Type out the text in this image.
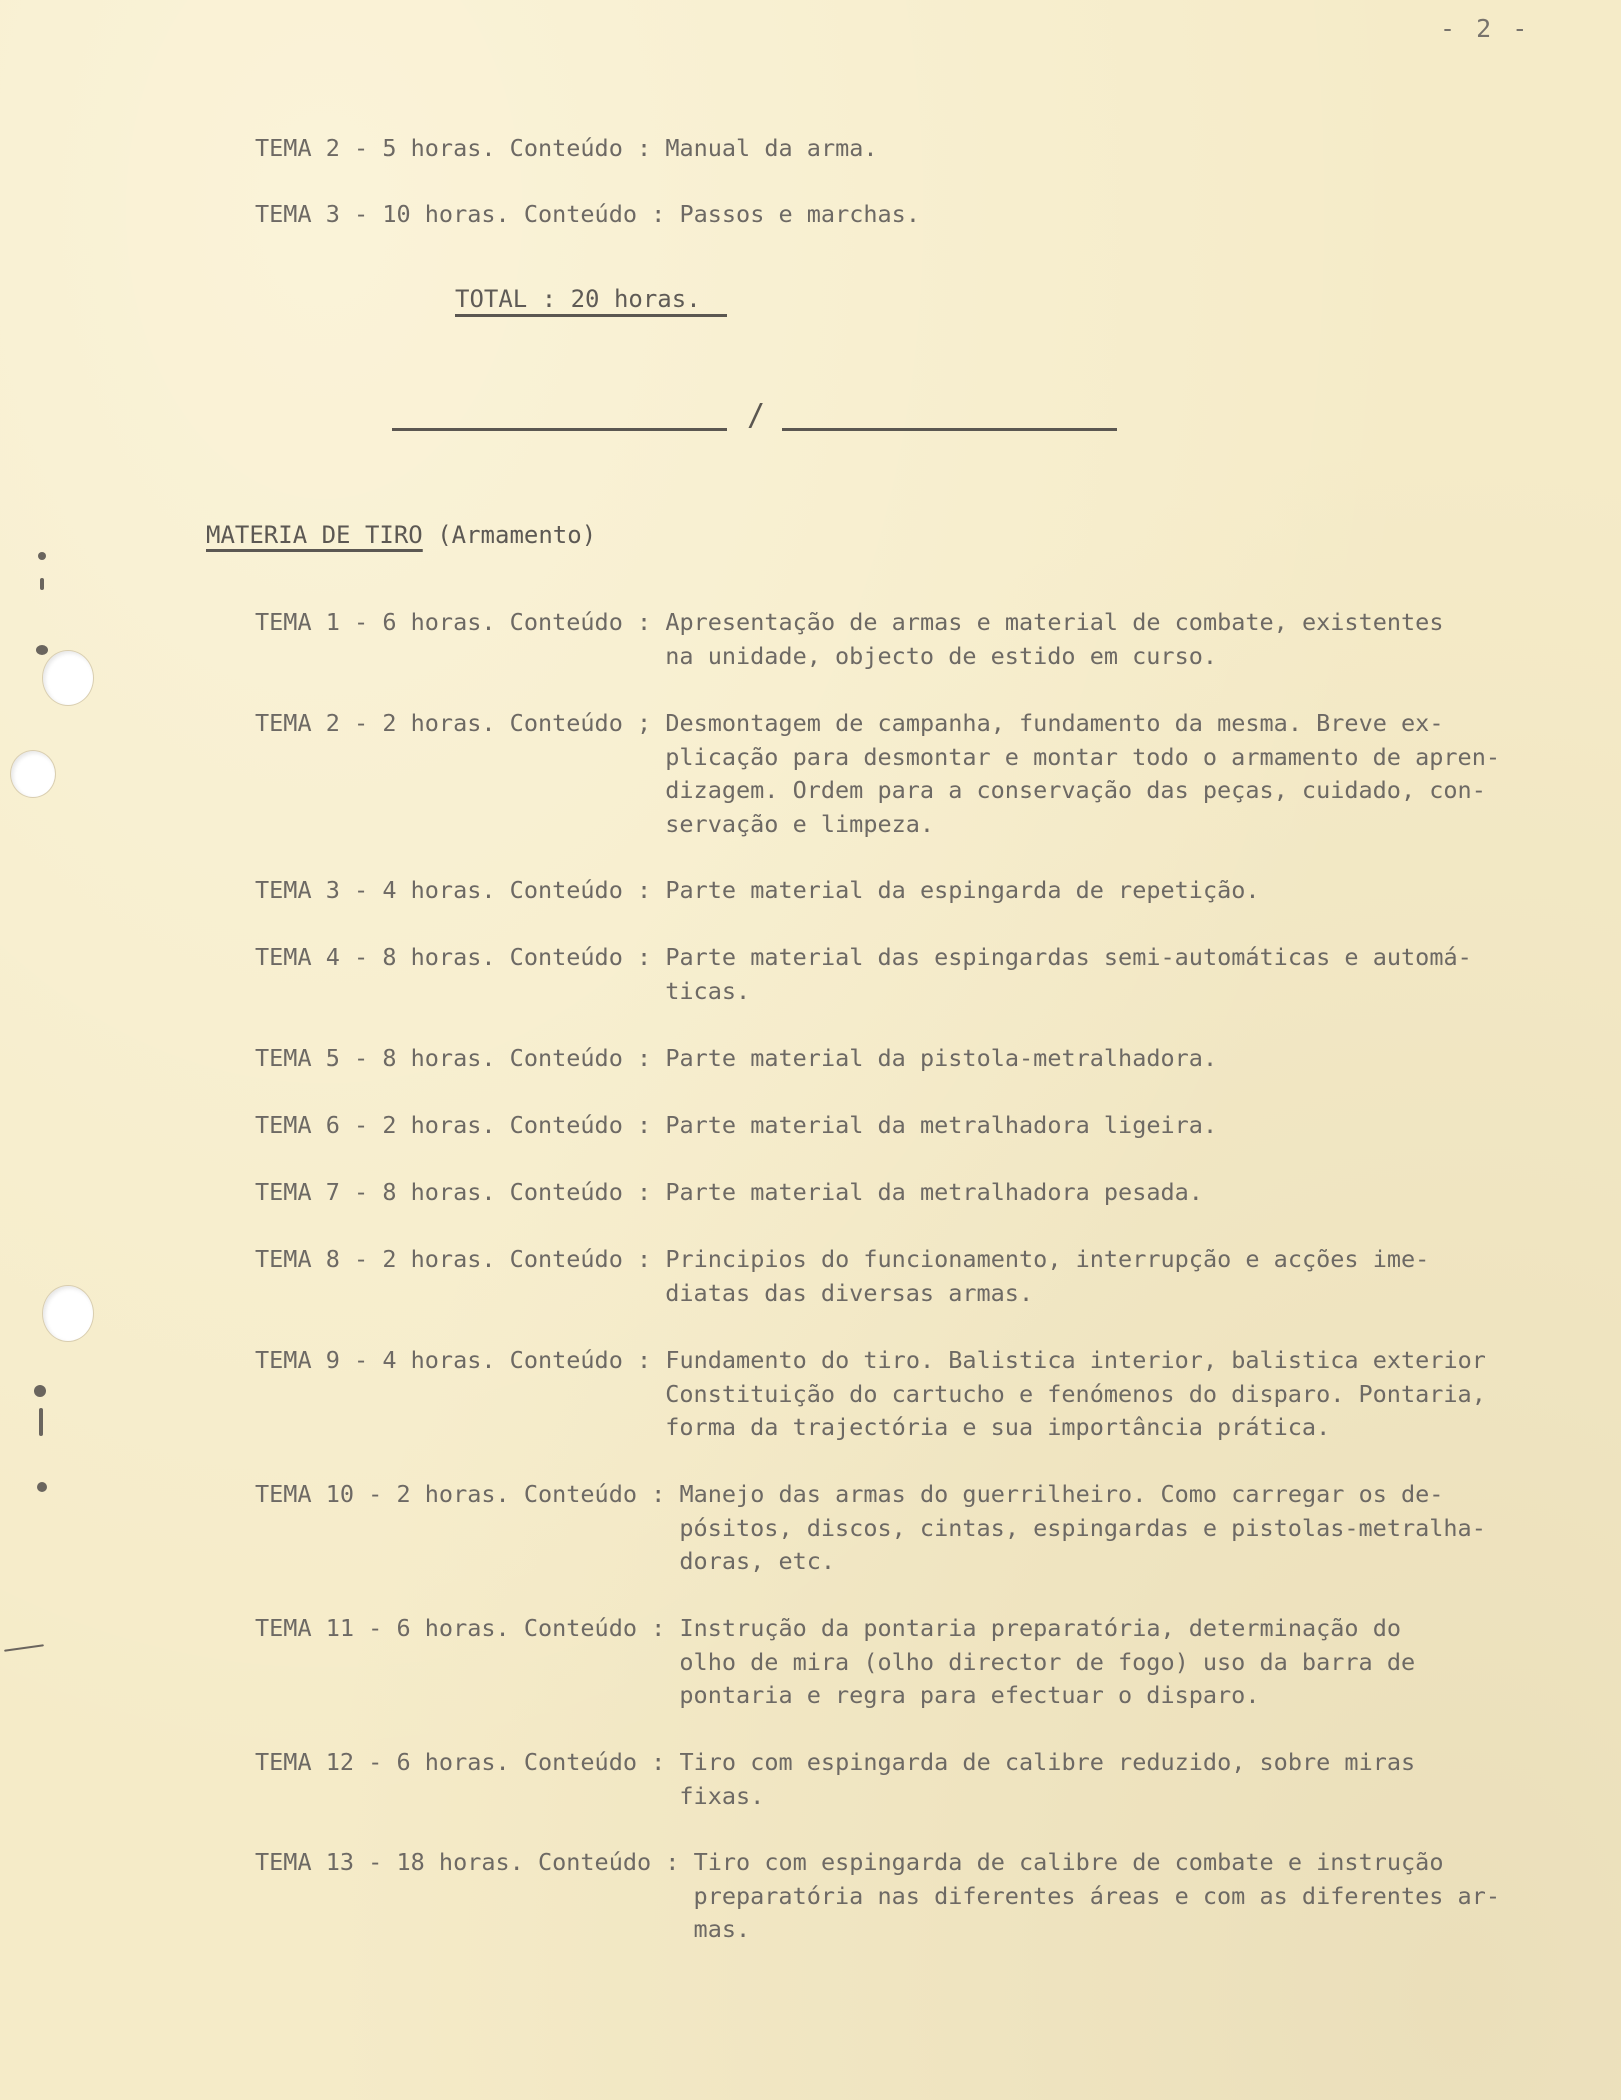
- 2 -
TEMA 2 - 5 horas. Conteúdo : Manual da arma.
TEMA 3 - 10 horas. Conteúdo : Passos e marchas.
TOTAL : 20 horas.
/
MATERIA DE TIRO (Armamento)
TEMA 1 - 6 horas. Conteúdo : Apresentação de armas e material de combate, existentes
na unidade, objecto de estido em curso.
TEMA 2 - 2 horas. Conteúdo ; Desmontagem de campanha, fundamento da mesma. Breve ex-
plicação para desmontar e montar todo o armamento de apren-
dizagem. Ordem para a conservação das peças, cuidado, con-
servação e limpeza.
TEMA 3 - 4 horas. Conteúdo : Parte material da espingarda de repetição.
TEMA 4 - 8 horas. Conteúdo : Parte material das espingardas semi-automáticas e automá-
ticas.
TEMA 5 - 8 horas. Conteúdo : Parte material da pistola-metralhadora.
TEMA 6 - 2 horas. Conteúdo : Parte material da metralhadora ligeira.
TEMA 7 - 8 horas. Conteúdo : Parte material da metralhadora pesada.
TEMA 8 - 2 horas. Conteúdo : Principios do funcionamento, interrupção e acções ime-
diatas das diversas armas.
TEMA 9 - 4 horas. Conteúdo : Fundamento do tiro. Balistica interior, balistica exterior
Constituição do cartucho e fenómenos do disparo. Pontaria,
forma da trajectória e sua importância prática.
TEMA 10 - 2 horas. Conteúdo : Manejo das armas do guerrilheiro. Como carregar os de-
pósitos, discos, cintas, espingardas e pistolas-metralha-
doras, etc.
TEMA 11 - 6 horas. Conteúdo : Instrução da pontaria preparatória, determinação do
olho de mira (olho director de fogo) uso da barra de
pontaria e regra para efectuar o disparo.
TEMA 12 - 6 horas. Conteúdo : Tiro com espingarda de calibre reduzido, sobre miras
fixas.
TEMA 13 - 18 horas. Conteúdo : Tiro com espingarda de calibre de combate e instrução
preparatória nas diferentes áreas e com as diferentes ar-
mas.
